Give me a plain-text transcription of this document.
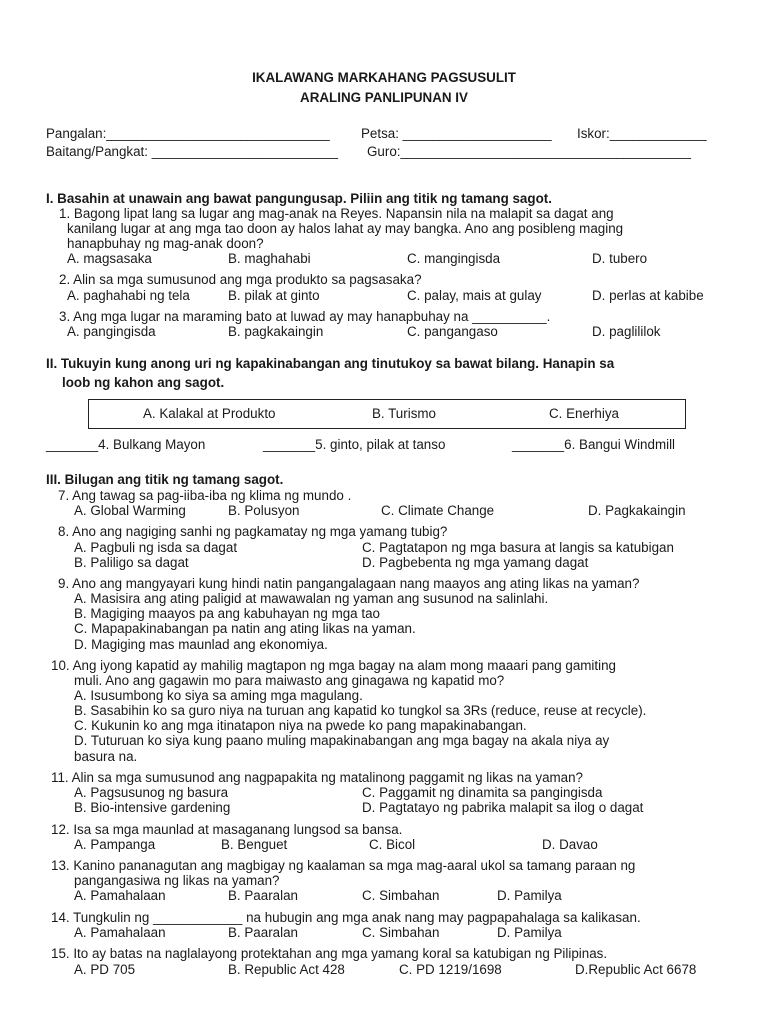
IKALAWANG MARKAHANG PAGSUSULIT
ARALING PANLIPUNAN IV
Pangalan:______________________________ Petsa: ____________________ Iskor:_____________
Baitang/Pangkat: _________________________ Guro:_______________________________________
I. Basahin at unawain ang bawat pangungusap. Piliin ang titik ng tamang sagot.
1. Bagong lipat lang sa lugar ang mag-anak na Reyes. Napansin nila na malapit sa dagat ang
kanilang lugar at ang mga tao doon ay halos lahat ay may bangka. Ano ang posibleng maging
hanapbuhay ng mag-anak doon?
A. magsasaka	B. maghahabi	C. mangingisda	D. tubero
2. Alin sa mga sumusunod ang mga produkto sa pagsasaka?
A. paghahabi ng tela	B. pilak at ginto	C. palay, mais at gulay	D. perlas at kabibe
3. Ang mga lugar na maraming bato at luwad ay may hanapbuhay na __________.
A. pangingisda	B. pagkakaingin	C. pangangaso	D. paglililok
II. Tukuyin kung anong uri ng kapakinabangan ang tinutukoy sa bawat bilang. Hanapin sa
loob ng kahon ang sagot.
A. Kalakal at Produkto	B. Turismo	C. Enerhiya
_______4. Bulkang Mayon	_______5. ginto, pilak at tanso	_______6. Bangui Windmill
III. Bilugan ang titik ng tamang sagot.
7. Ang tawag sa pag-iiba-iba ng klima ng mundo .
A. Global Warming	B. Polusyon	C. Climate Change	D. Pagkakaingin
8. Ano ang nagiging sanhi ng pagkamatay ng mga yamang tubig?
A. Pagbuli ng isda sa dagat	C. Pagtatapon ng mga basura at langis sa katubigan
B. Paliligo sa dagat	D. Pagbebenta ng mga yamang dagat
9. Ano ang mangyayari kung hindi natin pangangalagaan nang maayos ang ating likas na yaman?
A. Masisira ang ating paligid at mawawalan ng yaman ang susunod na salinlahi.
B. Magiging maayos pa ang kabuhayan ng mga tao
C. Mapapakinabangan pa natin ang ating likas na yaman.
D. Magiging mas maunlad ang ekonomiya.
10. Ang iyong kapatid ay mahilig magtapon ng mga bagay na alam mong maaari pang gamiting
muli. Ano ang gagawin mo para maiwasto ang ginagawa ng kapatid mo?
A. Isusumbong ko siya sa aming mga magulang.
B. Sasabihin ko sa guro niya na turuan ang kapatid ko tungkol sa 3Rs (reduce, reuse at recycle).
C. Kukunin ko ang mga itinatapon niya na pwede ko pang mapakinabangan.
D. Tuturuan ko siya kung paano muling mapakinabangan ang mga bagay na akala niya ay
basura na.
11. Alin sa mga sumusunod ang nagpapakita ng matalinong paggamit ng likas na yaman?
A. Pagsusunog ng basura	C. Paggamit ng dinamita sa pangingisda
B. Bio-intensive gardening	D. Pagtatayo ng pabrika malapit sa ilog o dagat
12. Isa sa mga maunlad at masaganang lungsod sa bansa.
A. Pampanga	B. Benguet	C. Bicol	D. Davao
13. Kanino pananagutan ang magbigay ng kaalaman sa mga mag-aaral ukol sa tamang paraan ng
pangangasiwa ng likas na yaman?
A. Pamahalaan	B. Paaralan	C. Simbahan	D. Pamilya
14. Tungkulin ng ____________ na hubugin ang mga anak nang may pagpapahalaga sa kalikasan.
A. Pamahalaan	B. Paaralan	C. Simbahan	D. Pamilya
15. Ito ay batas na naglalayong protektahan ang mga yamang koral sa katubigan ng Pilipinas.
A. PD 705	B. Republic Act 428	C. PD 1219/1698	D.Republic Act 6678
